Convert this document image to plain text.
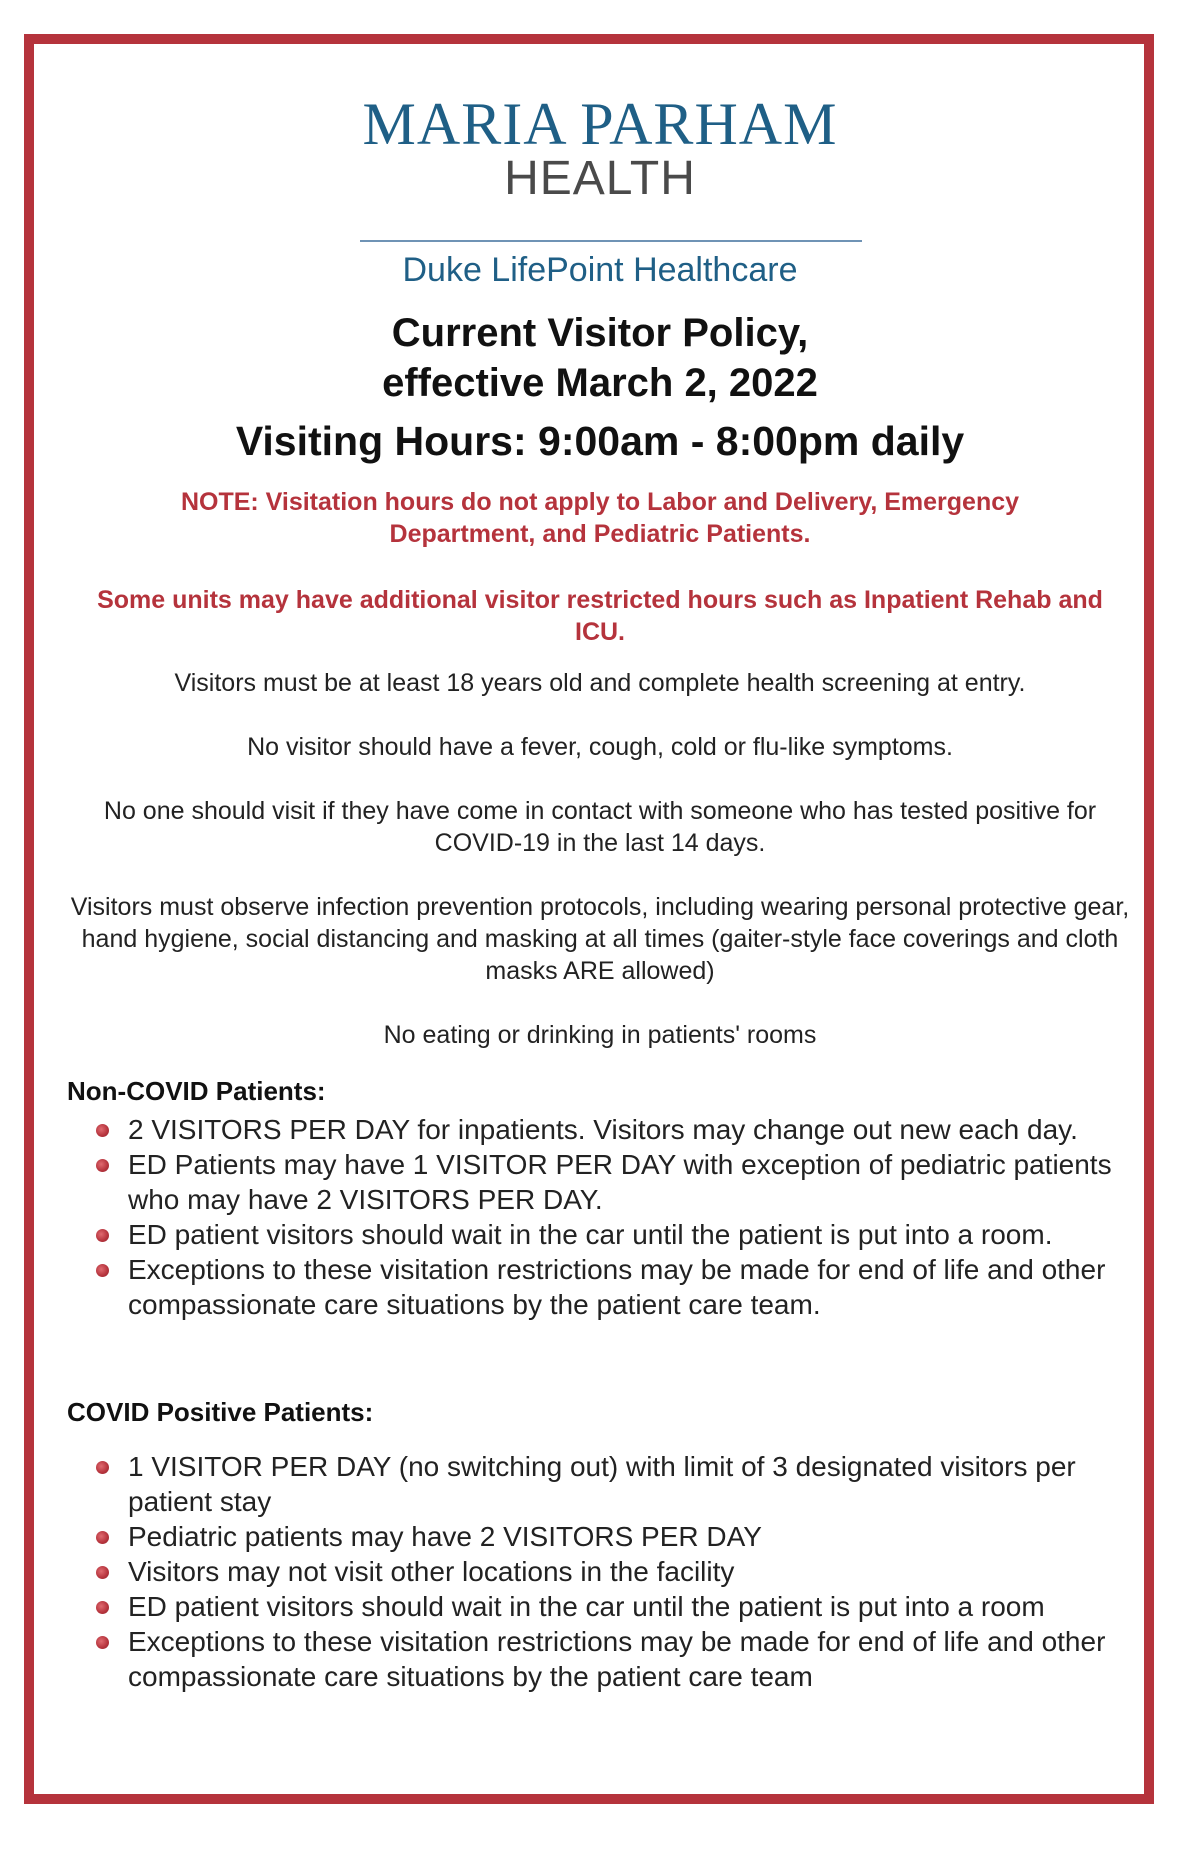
MARIA PARHAM
HEALTH
Duke LifePoint Healthcare
Current Visitor Policy,
effective March 2, 2022
Visiting Hours: 9:00am - 8:00pm daily
NOTE: Visitation hours do not apply to Labor and Delivery, Emergency Department, and Pediatric Patients.
Some units may have additional visitor restricted hours such as Inpatient Rehab and ICU.
Visitors must be at least 18 years old and complete health screening at entry.
No visitor should have a fever, cough, cold or flu-like symptoms.
No one should visit if they have come in contact with someone who has tested positive for COVID-19 in the last 14 days.
Visitors must observe infection prevention protocols, including wearing personal protective gear, hand hygiene, social distancing and masking at all times (gaiter-style face coverings and cloth masks ARE allowed)
No eating or drinking in patients' rooms
Non-COVID Patients:
2 VISITORS PER DAY for inpatients. Visitors may change out new each day.
ED Patients may have 1 VISITOR PER DAY with exception of pediatric patients who may have 2 VISITORS PER DAY.
ED patient visitors should wait in the car until the patient is put into a room.
Exceptions to these visitation restrictions may be made for end of life and other compassionate care situations by the patient care team.
COVID Positive Patients:
1 VISITOR PER DAY (no switching out) with limit of 3 designated visitors per patient stay
Pediatric patients may have 2 VISITORS PER DAY
Visitors may not visit other locations in the facility
ED patient visitors should wait in the car until the patient is put into a room
Exceptions to these visitation restrictions may be made for end of life and other compassionate care situations by the patient care team
